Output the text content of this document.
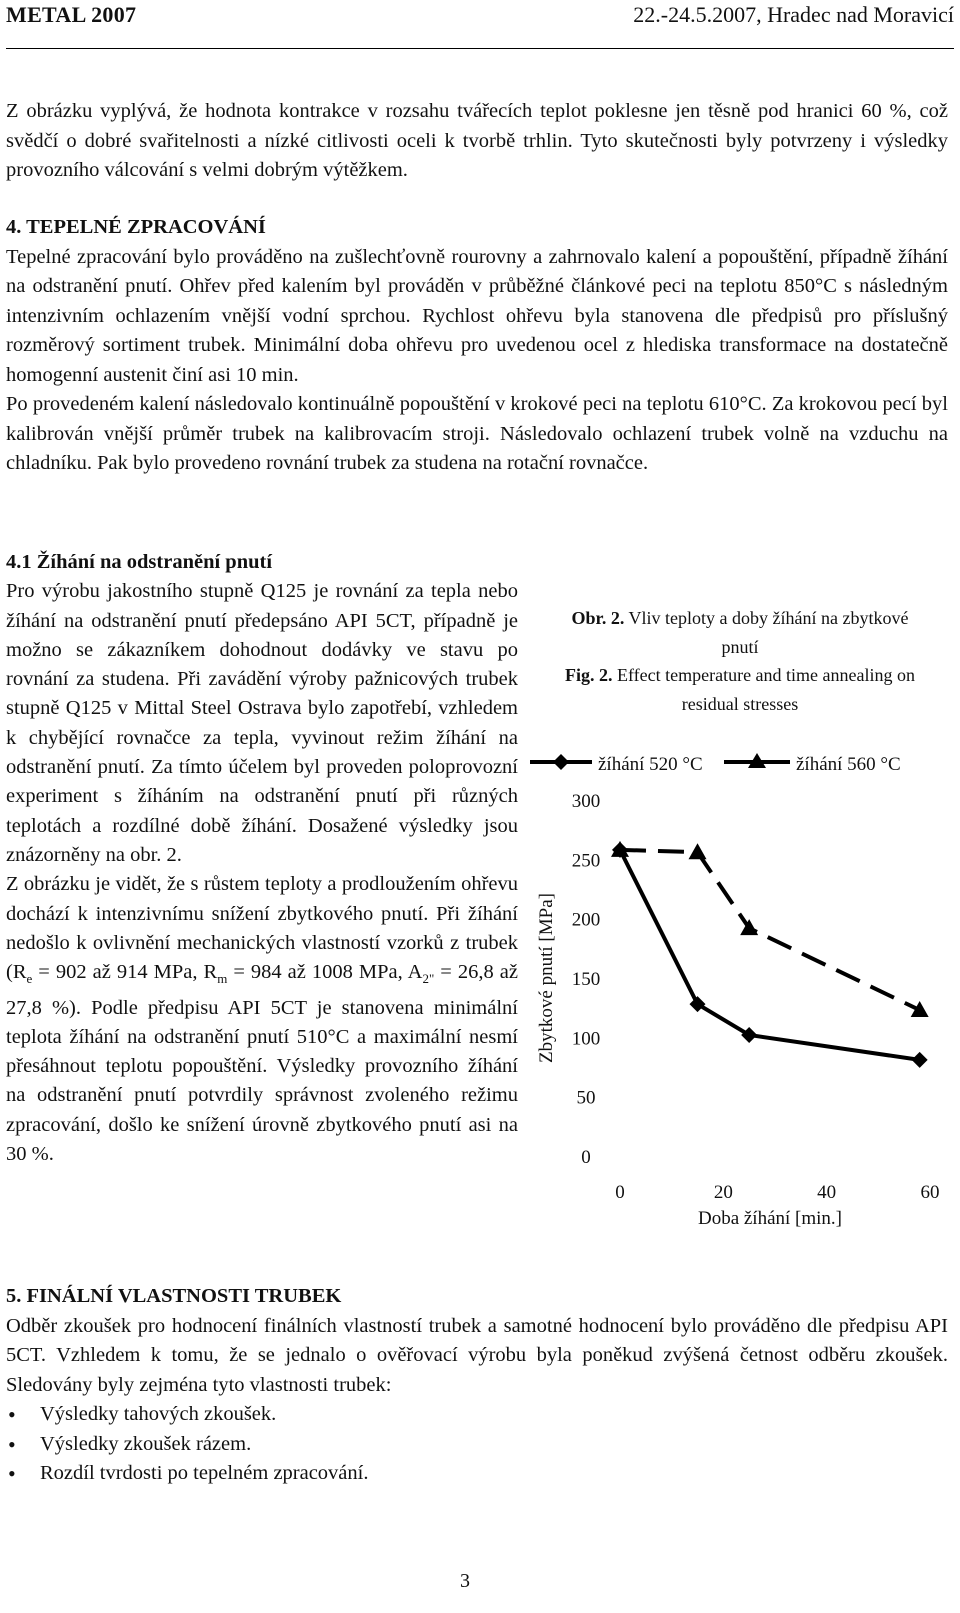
METAL 2007	22.-24.5.2007, Hradec nad Moravicí

Z obrázku vyplývá, že hodnota kontrakce v rozsahu tvářecích teplot poklesne jen těsně pod hranici 60 %, což svědčí o dobré svařitelnosti a nízké citlivosti oceli k tvorbě trhlin. Tyto skutečnosti byly potvrzeny i výsledky provozního válcování s velmi dobrým výtěžkem.

4. TEPELNÉ ZPRACOVÁNÍ

Tepelné zpracování bylo prováděno na zušlechťovně rourovny a zahrnovalo kalení a popouštění, případně žíhání na odstranění pnutí. Ohřev před kalením byl prováděn v průběžné článkové peci na teplotu 850°C s následným intenzivním ochlazením vnější vodní sprchou. Rychlost ohřevu byla stanovena dle předpisů pro příslušný rozměrový sortiment trubek. Minimální doba ohřevu pro uvedenou ocel z hlediska transformace na dostatečně homogenní austenit činí asi 10 min.

Po provedeném kalení následovalo kontinuálně popouštění v krokové peci na teplotu 610°C. Za krokovou pecí byl kalibrován vnější průměr trubek na kalibrovacím stroji. Následovalo ochlazení trubek volně na vzduchu na chladníku. Pak bylo provedeno rovnání trubek za studena na rotační rovnačce.

4.1 Žíhání na odstranění pnutí

Pro výrobu jakostního stupně Q125 je rovnání za tepla nebo žíhání na odstranění pnutí předepsáno API 5CT, případně je možno se zákazníkem dohodnout dodávky ve stavu po rovnání za studena. Při zavádění výroby pažnicových trubek stupně Q125 v Mittal Steel Ostrava bylo zapotřebí, vzhledem k chybějící rovnačce za tepla, vyvinout režim žíhání na odstranění pnutí. Za tímto účelem byl proveden poloprovozní experiment s žíháním na odstranění pnutí při různých teplotách a rozdílné době žíhání. Dosažené výsledky jsou znázorněny na obr. 2.

Z obrázku je vidět, že s růstem teploty a prodloužením ohřevu dochází k intenzivnímu snížení zbytkového pnutí. Při žíhání nedošlo k ovlivnění mechanických vlastností vzorků z trubek ($R_e = 902$ až 914 MPa, $R_m = 984$ až 1008 MPa, $A_{2"} = 26,8$ až 27,8 %). Podle předpisu API 5CT je stanovena minimální teplota žíhání na odstranění pnutí 510°C a maximální nesmí přesáhnout teplotu popouštění. Výsledky provozního žíhání na odstranění pnutí potvrdily správnost zvoleného režimu zpracování, došlo ke snížení úrovně zbytkového pnutí asi na 30 %.

Obr. 2. Vliv teploty a doby žíhání na zbytkové pnutí
Fig. 2. Effect temperature and time annealing on residual stresses
0
50
100
150
200
250
300
0	20	40	60
Zbytkové pnutí [MPa]
Doba žíhání [min.]
žíhání 520 °C	žíhání 560 °C

5. FINÁLNÍ VLASTNOSTI TRUBEK

Odběr zkoušek pro hodnocení finálních vlastností trubek a samotné hodnocení bylo prováděno dle předpisu API 5CT. Vzhledem k tomu, že se jednalo o ověřovací výrobu byla poněkud zvýšená četnost odběru zkoušek. Sledovány byly zejména tyto vlastnosti trubek:

• Výsledky tahových zkoušek.
• Výsledky zkoušek rázem.
• Rozdíl tvrdosti po tepelném zpracování.
3
